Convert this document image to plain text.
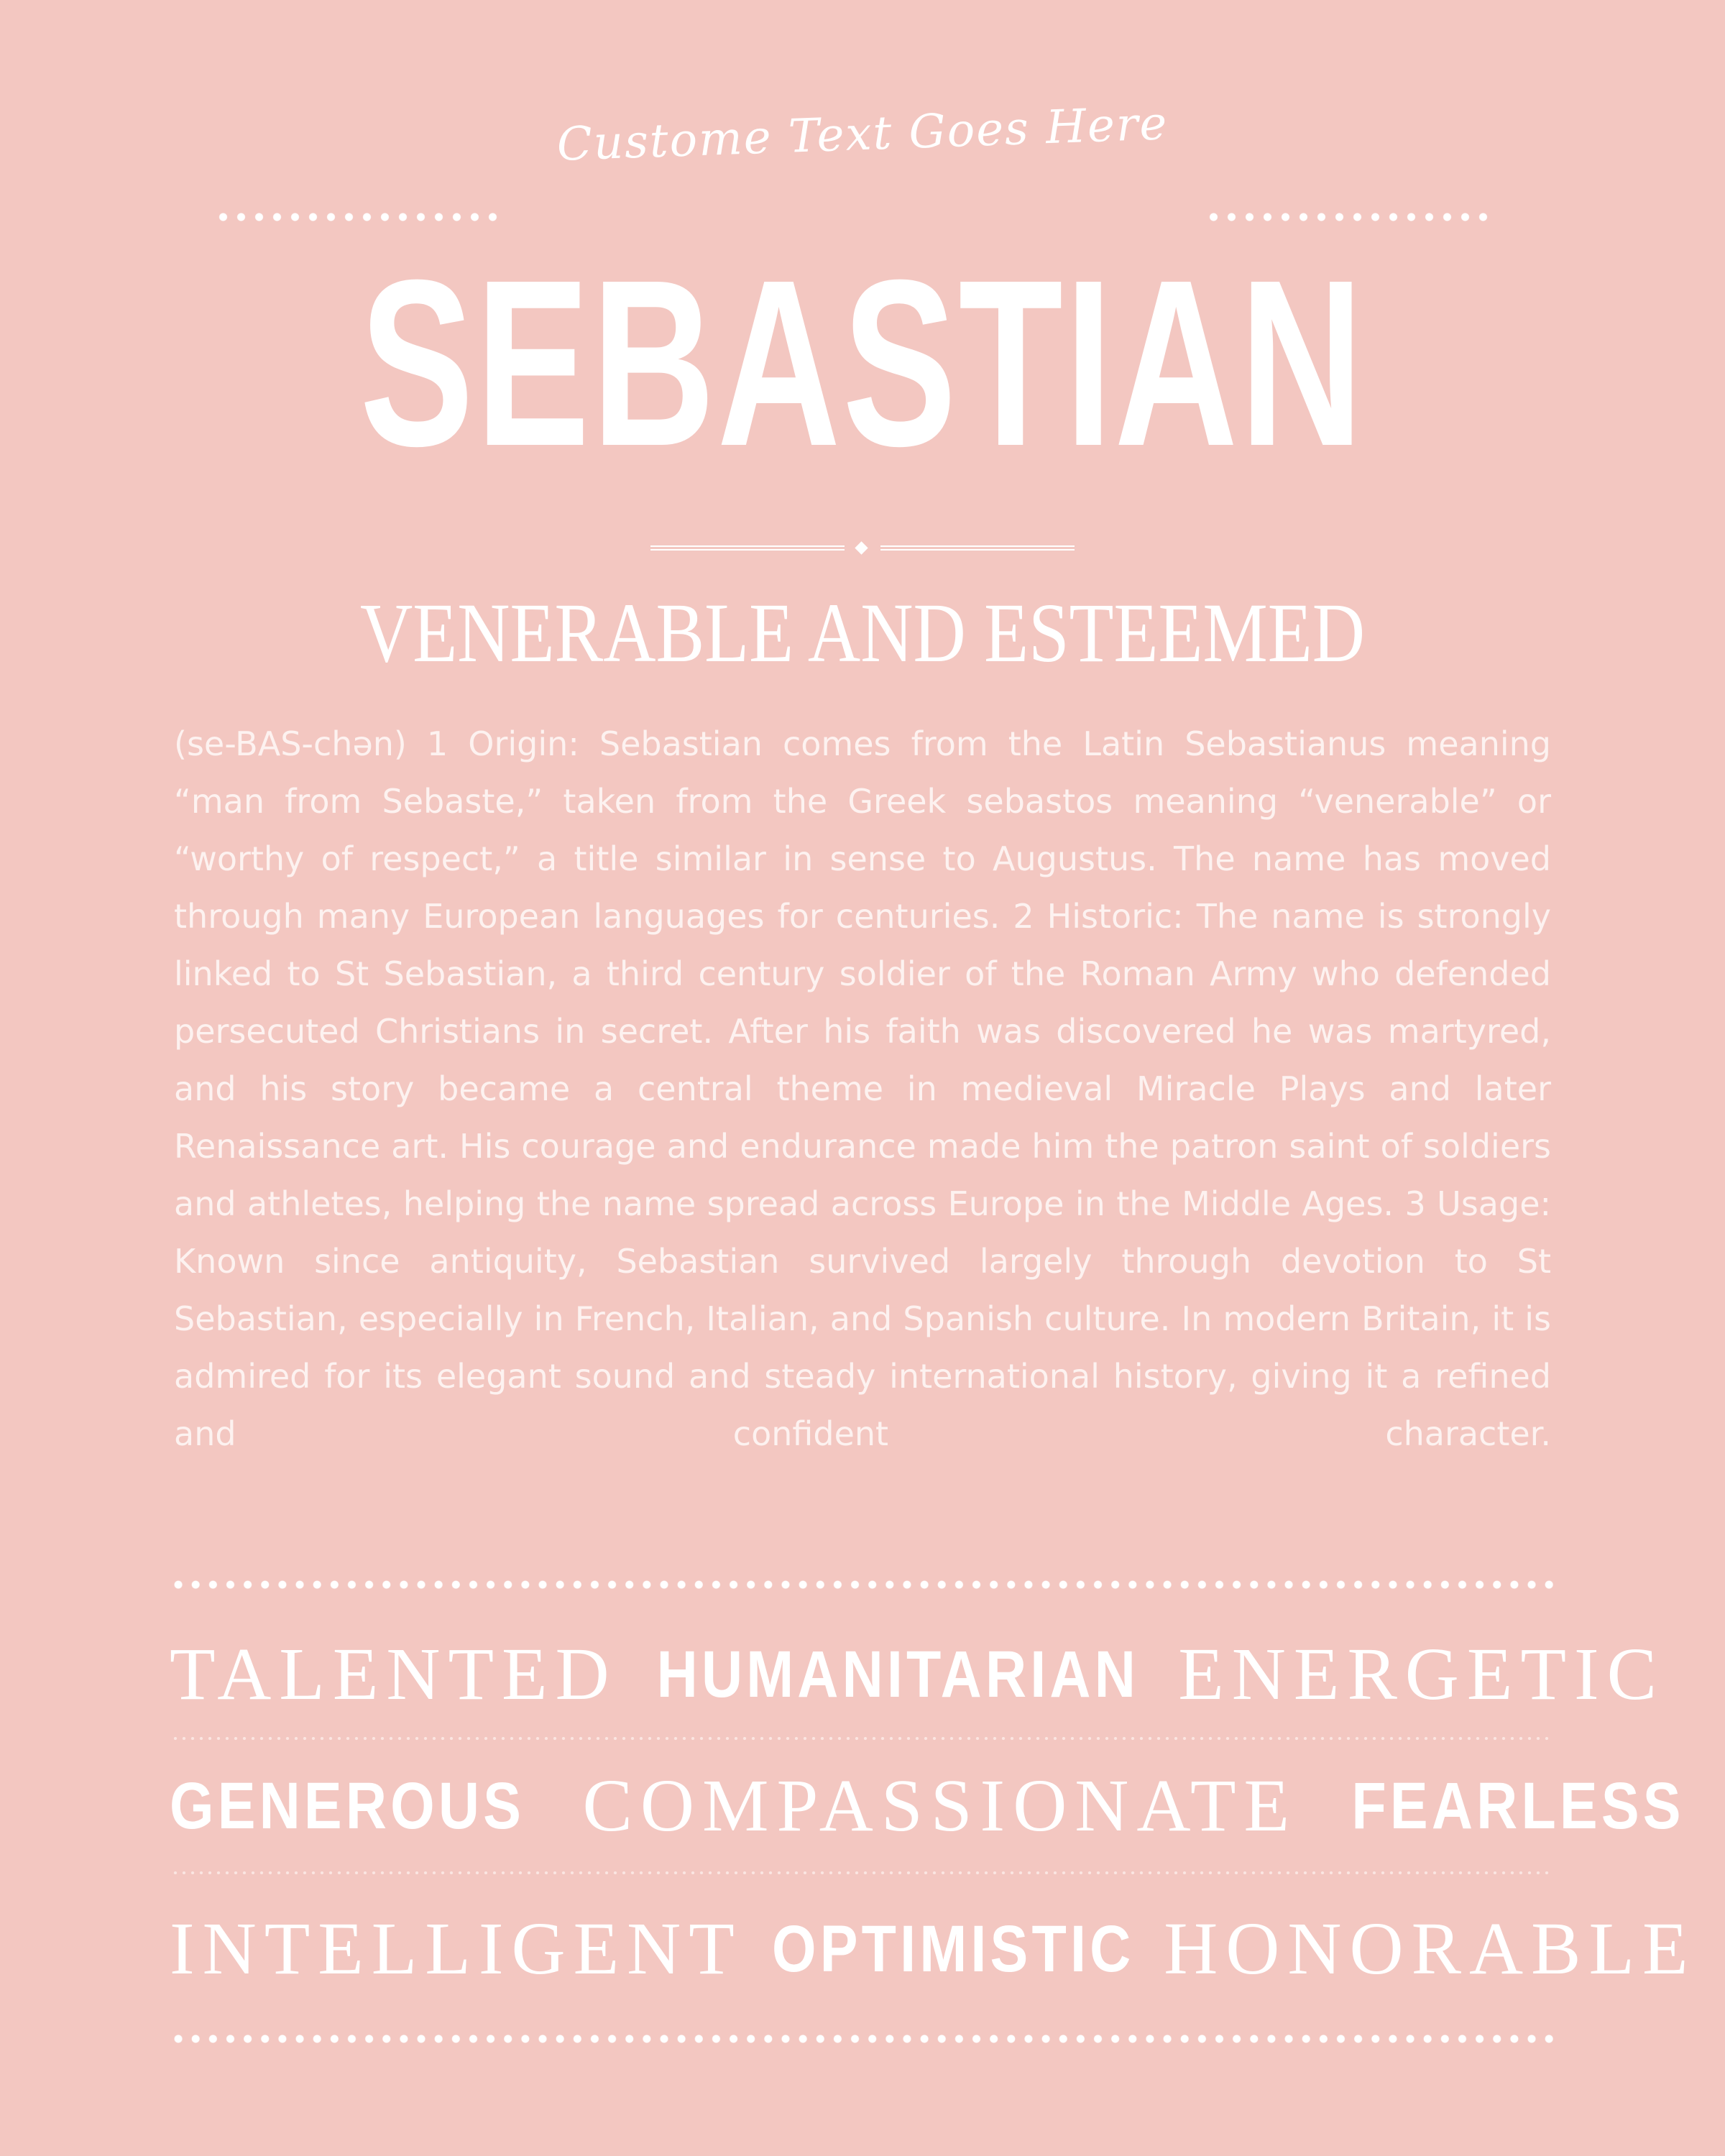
Custome Text Goes Here
SEBASTIAN
VENERABLE AND ESTEEMED

(se-BAS-chən) 1 Origin: Sebastian comes from the Latin Sebastianus meaning “man from Sebaste,” taken from the Greek sebastos meaning “venerable” or “worthy of respect,” a title similar in sense to Augustus. The name has moved through many European languages for centuries. 2 Historic: The name is strongly linked to St Sebastian, a third century soldier of the Roman Army who defended persecuted Christians in secret. After his faith was discovered he was martyred, and his story became a central theme in medieval Miracle Plays and later Renaissance art. His courage and endurance made him the patron saint of soldiers and athletes, helping the name spread across Europe in the Middle Ages. 3 Usage: Known since antiquity, Sebastian survived largely through devotion to St Sebastian, especially in French, Italian, and Spanish culture. In modern Britain, it is admired for its elegant sound and steady international history, giving it a refined and confident character.

TALENTED HUMANITARIAN ENERGETIC
GENEROUS COMPASSIONATE FEARLESS
INTELLIGENT OPTIMISTIC HONORABLE
